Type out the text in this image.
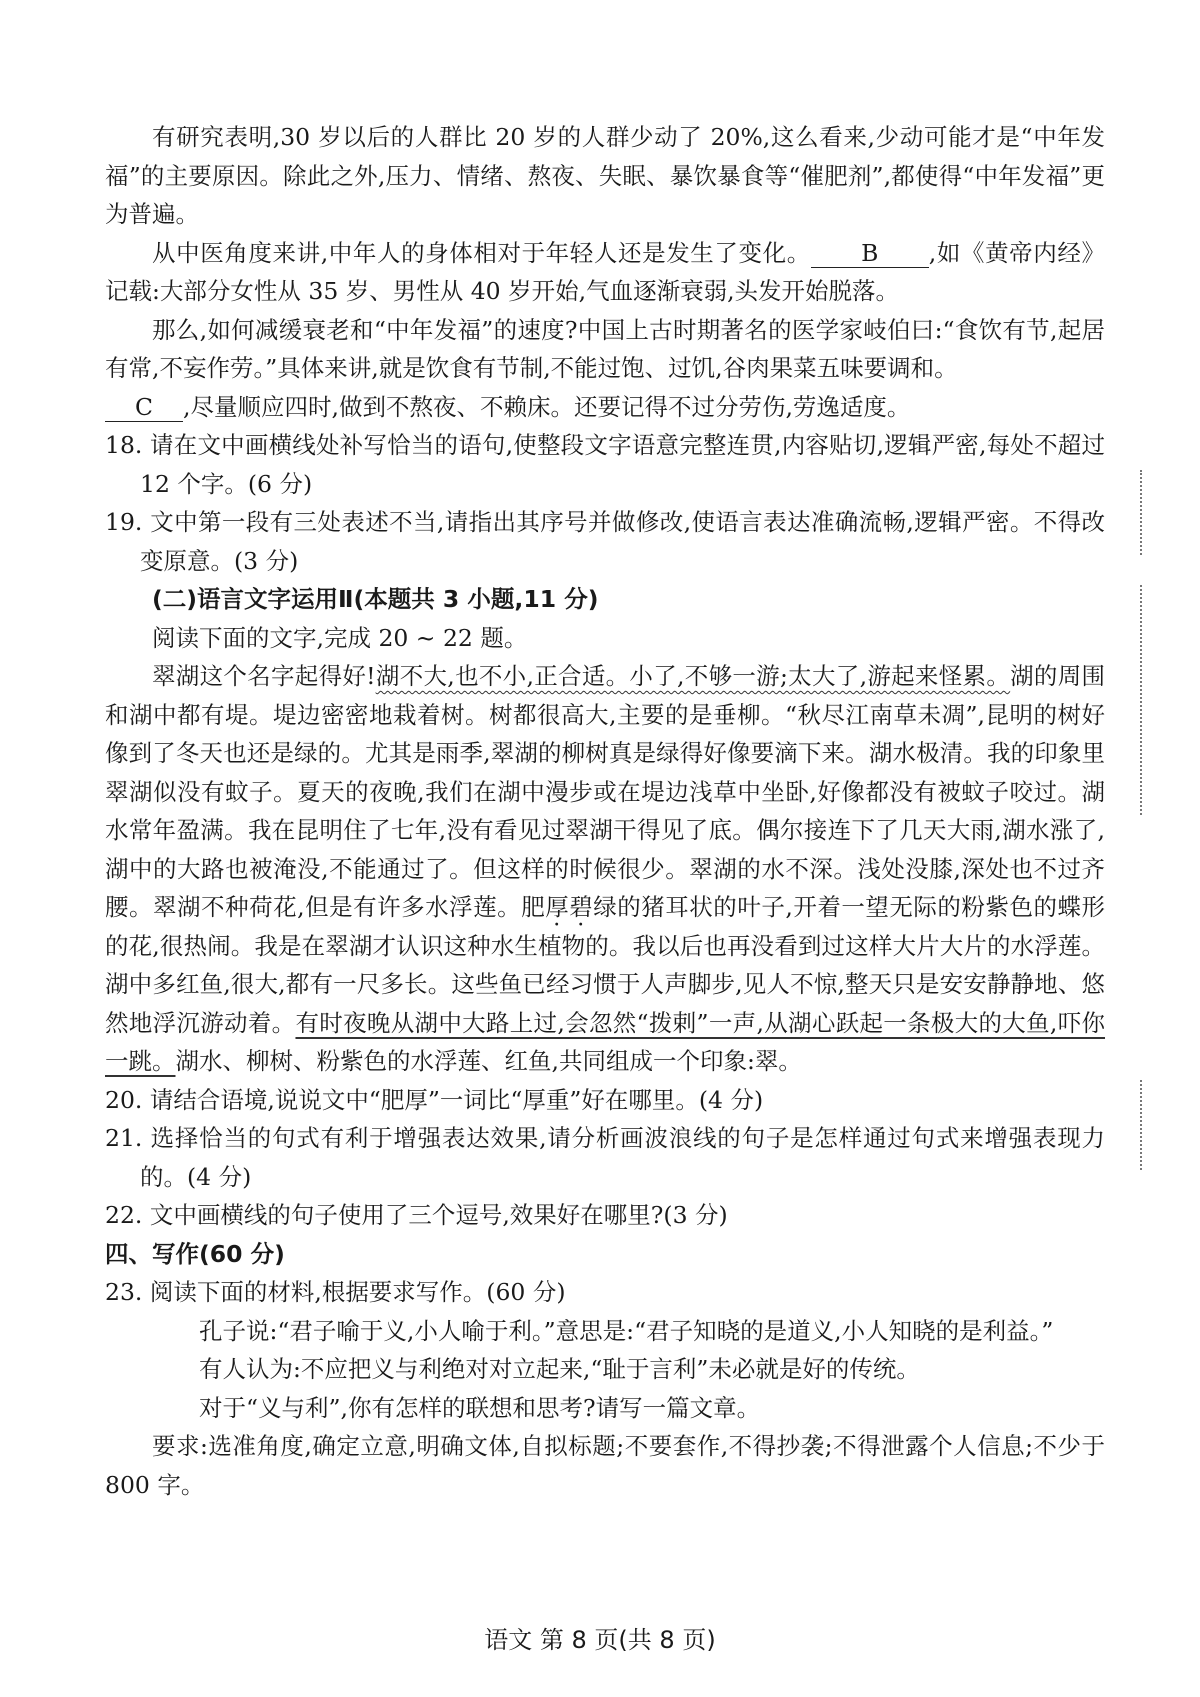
有研究表明,30 岁以后的人群比 20 岁的人群少动了 20%,这么看来,少动可能才是“中年发福”的主要原因。除此之外,压力、情绪、熬夜、失眠、暴饮暴食等“催肥剂”,都使得“中年发福”更为普遍。

从中医角度来讲,中年人的身体相对于年轻人还是发生了变化。 B ,如《黄帝内经》记载:大部分女性从 35 岁、男性从 40 岁开始,气血逐渐衰弱,头发开始脱落。

那么,如何减缓衰老和“中年发福”的速度?中国上古时期著名的医学家岐伯曰:“食饮有节,起居有常,不妄作劳。”具体来讲,就是饮食有节制,不能过饱、过饥,谷肉果菜五味要调和。

C ,尽量顺应四时,做到不熬夜、不赖床。还要记得不过分劳伤,劳逸适度。

18. 请在文中画横线处补写恰当的语句,使整段文字语意完整连贯,内容贴切,逻辑严密,每处不超过 12 个字。(6 分)

19. 文中第一段有三处表述不当,请指出其序号并做修改,使语言表达准确流畅,逻辑严密。不得改变原意。(3 分)

(二)语言文字运用Ⅱ(本题共 3 小题,11 分)

阅读下面的文字,完成 20 ~ 22 题。

翠湖这个名字起得好!湖不大,也不小,正合适。小了,不够一游;太大了,游起来怪累。湖的周围和湖中都有堤。堤边密密地栽着树。树都很高大,主要的是垂柳。“秋尽江南草未凋”,昆明的树好像到了冬天也还是绿的。尤其是雨季,翠湖的柳树真是绿得好像要滴下来。湖水极清。我的印象里翠湖似没有蚊子。夏天的夜晚,我们在湖中漫步或在堤边浅草中坐卧,好像都没有被蚊子咬过。湖水常年盈满。我在昆明住了七年,没有看见过翠湖干得见了底。偶尔接连下了几天大雨,湖水涨了,湖中的大路也被淹没,不能通过了。但这样的时候很少。翠湖的水不深。浅处没膝,深处也不过齐腰。翠湖不种荷花,但是有许多水浮莲。肥厚碧绿的猪耳状的叶子,开着一望无际的粉紫色的蝶形的花,很热闹。我是在翠湖才认识这种水生植物的。我以后也再没看到过这样大片大片的水浮莲。湖中多红鱼,很大,都有一尺多长。这些鱼已经习惯于人声脚步,见人不惊,整天只是安安静静地、悠然地浮沉游动着。有时夜晚从湖中大路上过,会忽然“拨剌”一声,从湖心跃起一条极大的大鱼,吓你一跳。湖水、柳树、粉紫色的水浮莲、红鱼,共同组成一个印象:翠。

20. 请结合语境,说说文中“肥厚”一词比“厚重”好在哪里。(4 分)

21. 选择恰当的句式有利于增强表达效果,请分析画波浪线的句子是怎样通过句式来增强表现力的。(4 分)

22. 文中画横线的句子使用了三个逗号,效果好在哪里?(3 分)

四、写作(60 分)

23. 阅读下面的材料,根据要求写作。(60 分)

孔子说:“君子喻于义,小人喻于利。”意思是:“君子知晓的是道义,小人知晓的是利益。”

有人认为:不应把义与利绝对对立起来,“耻于言利”未必就是好的传统。

对于“义与利”,你有怎样的联想和思考?请写一篇文章。

要求:选准角度,确定立意,明确文体,自拟标题;不要套作,不得抄袭;不得泄露个人信息;不少于 800 字。

语文 第 8 页(共 8 页)
